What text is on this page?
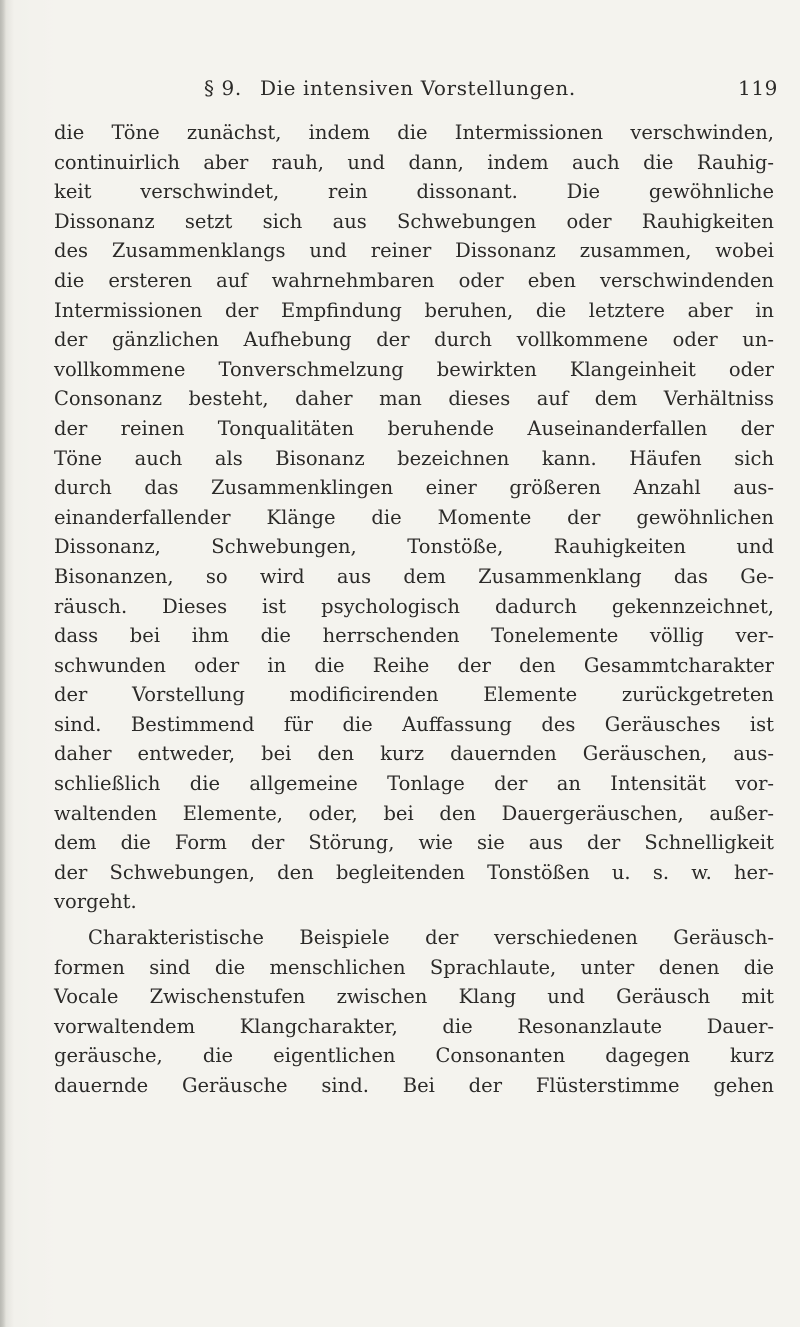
§ 9. Die intensiven Vorstellungen.	119
die Töne zunächst, indem die Intermissionen verschwinden,
continuirlich aber rauh, und dann, indem auch die Rauhig-
keit verschwindet, rein dissonant. Die gewöhnliche
Dissonanz setzt sich aus Schwebungen oder Rauhigkeiten
des Zusammenklangs und reiner Dissonanz zusammen, wobei
die ersteren auf wahrnehmbaren oder eben verschwindenden
Intermissionen der Empfindung beruhen, die letztere aber in
der gänzlichen Aufhebung der durch vollkommene oder un-
vollkommene Tonverschmelzung bewirkten Klangeinheit oder
Consonanz besteht, daher man dieses auf dem Verhältniss
der reinen Tonqualitäten beruhende Auseinanderfallen der
Töne auch als Bisonanz bezeichnen kann. Häufen sich
durch das Zusammenklingen einer größeren Anzahl aus-
einanderfallender Klänge die Momente der gewöhnlichen
Dissonanz, Schwebungen, Tonstöße, Rauhigkeiten und
Bisonanzen, so wird aus dem Zusammenklang das Ge-
räusch. Dieses ist psychologisch dadurch gekennzeichnet,
dass bei ihm die herrschenden Tonelemente völlig ver-
schwunden oder in die Reihe der den Gesammtcharakter
der Vorstellung modificirenden Elemente zurückgetreten
sind. Bestimmend für die Auffassung des Geräusches ist
daher entweder, bei den kurz dauernden Geräuschen, aus-
schließlich die allgemeine Tonlage der an Intensität vor-
waltenden Elemente, oder, bei den Dauergeräuschen, außer-
dem die Form der Störung, wie sie aus der Schnelligkeit
der Schwebungen, den begleitenden Tonstößen u. s. w. her-
vorgeht.
Charakteristische Beispiele der verschiedenen Geräusch-
formen sind die menschlichen Sprachlaute, unter denen die
Vocale Zwischenstufen zwischen Klang und Geräusch mit
vorwaltendem Klangcharakter, die Resonanzlaute Dauer-
geräusche, die eigentlichen Consonanten dagegen kurz
dauernde Geräusche sind. Bei der Flüsterstimme gehen
